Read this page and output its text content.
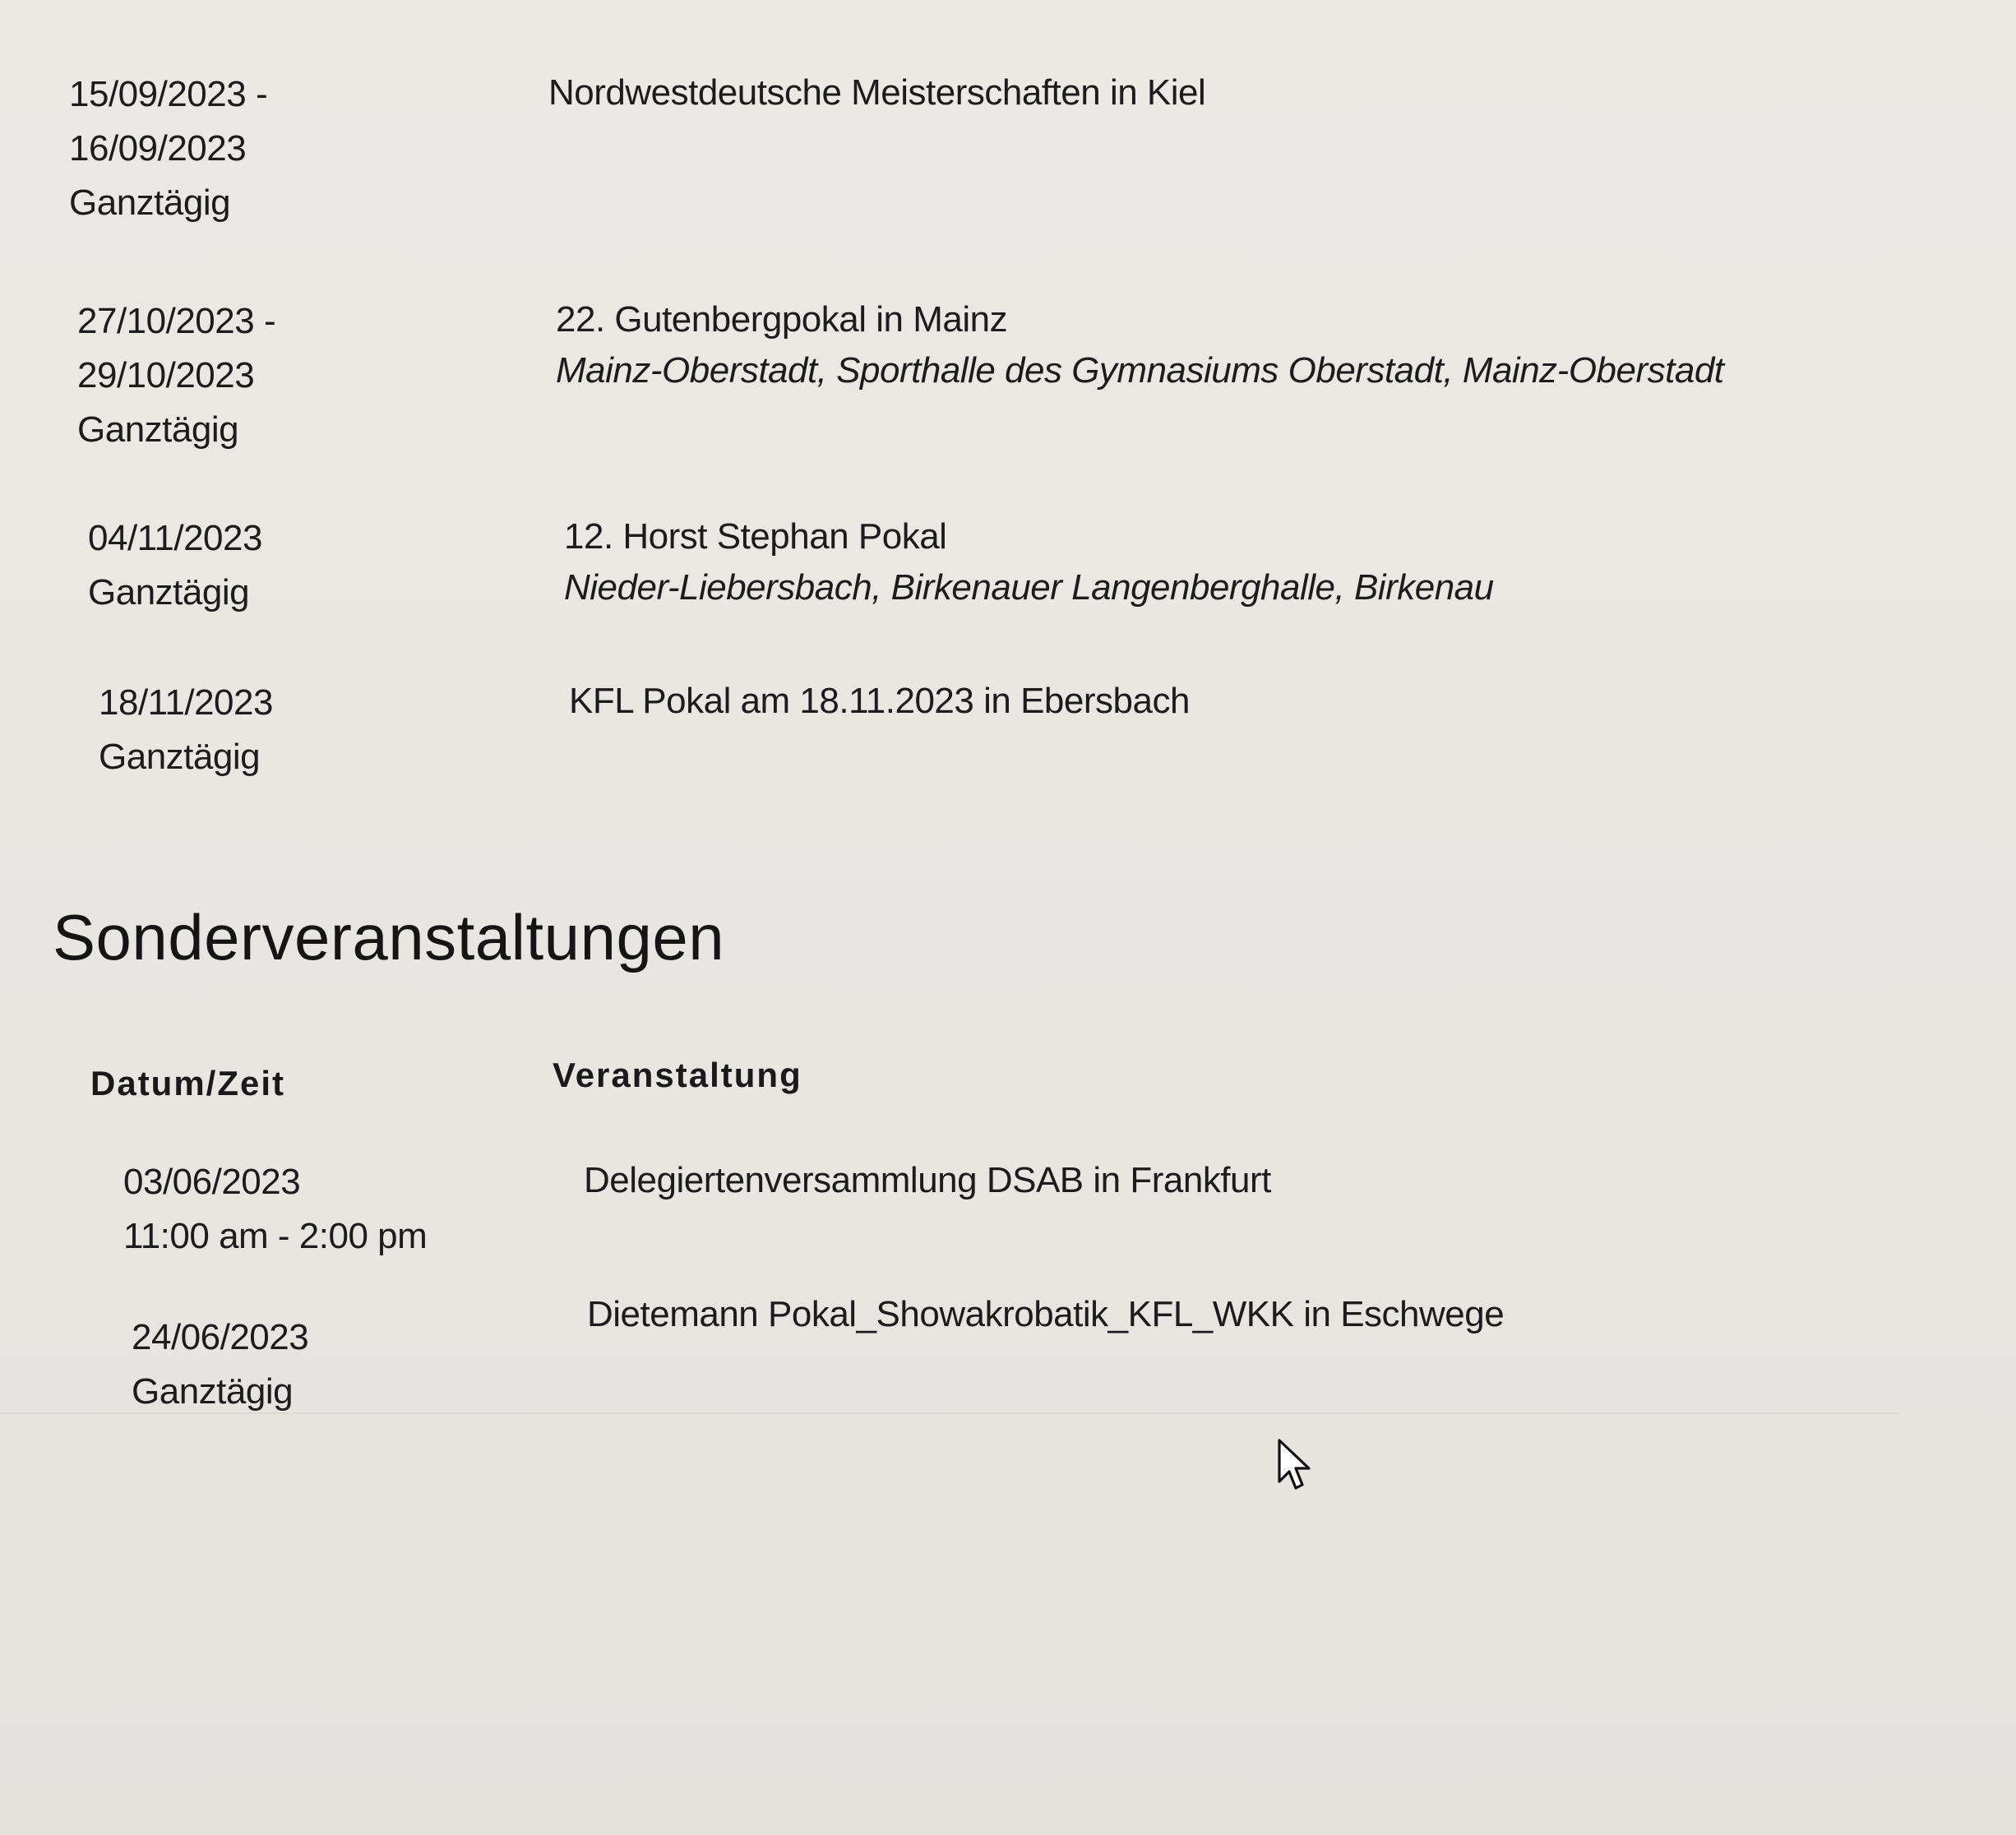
15/09/2023 -
16/09/2023
Ganztägig
Nordwestdeutsche Meisterschaften in Kiel
27/10/2023 -
29/10/2023
Ganztägig
22. Gutenbergpokal in Mainz
Mainz-Oberstadt, Sporthalle des Gymnasiums Oberstadt, Mainz-Oberstadt
04/11/2023
Ganztägig
12. Horst Stephan Pokal
Nieder-Liebersbach, Birkenauer Langenberghalle, Birkenau
18/11/2023
Ganztägig
KFL Pokal am 18.11.2023 in Ebersbach
Sonderveranstaltungen
Datum/Zeit	Veranstaltung
03/06/2023
11:00 am - 2:00 pm
Delegiertenversammlung DSAB in Frankfurt
24/06/2023
Ganztägig
Dietemann Pokal_Showakrobatik_KFL_WKK in Eschwege
